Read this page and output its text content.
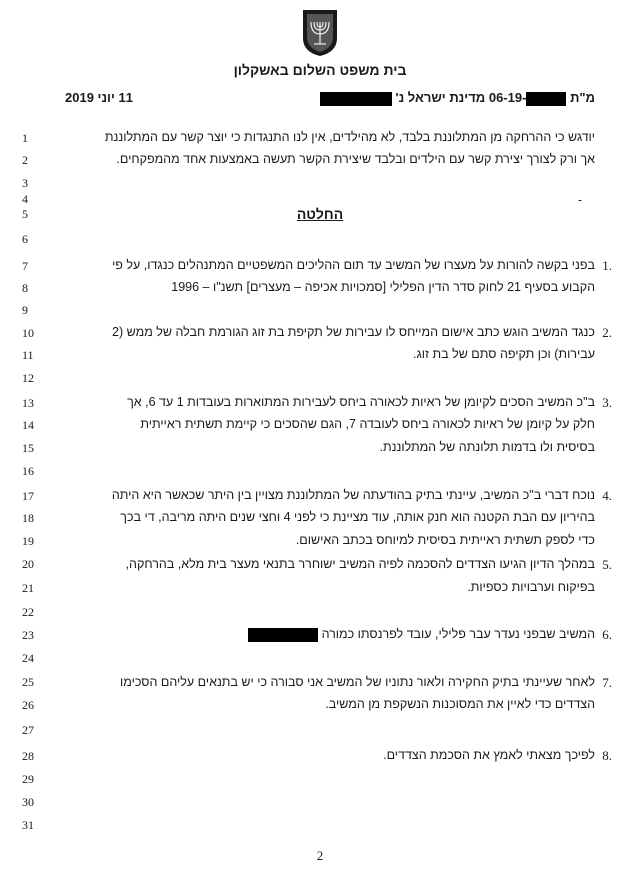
בית משפט השלום באשקלון
מ"ת -06-19 מדינת ישראל נ'
11 יוני 2019
1
2
3
4
5
6
7
8
9
10
11
12
13
14
15
16
17
18
19
20
21
22
23
24
25
26
27
28
29
30
31
יודגש כי ההרחקה מן המתלוננת בלבד, לא מהילדים, אין לנו התנגדות כי יוצר קשר עם המתלוננת
אך ורק לצורך יצירת קשר עם הילדים ובלבד שיצירת הקשר תעשה באמצעות אחד מהמפקחים.
-
החלטה
1.
בפני בקשה להורות על מעצרו של המשיב עד תום ההליכים המשפטיים המתנהלים כנגדו, על פי
הקבוע בסעיף 21 לחוק סדר הדין הפלילי [סמכויות אכיפה – מעצרים] תשנ"ו – 1996
2.
כנגד המשיב הוגש כתב אישום המייחס לו עבירות של תקיפת בת זוג הגורמת חבלה של ממש (2
עבירות) וכן תקיפה סתם של בת זוג.
3.
ב"כ המשיב הסכים לקיומן של ראיות לכאורה ביחס לעבירות המתוארות בעובדות 1 עד 6, אך
חלק על קיומן של ראיות לכאורה ביחס לעובדה 7, הגם שהסכים כי קיימת תשתית ראייתית
בסיסית ולו בדמות תלונתה של המתלוננת.
4.
נוכח דברי ב"כ המשיב, עיינתי בתיק בהודעתה של המתלוננת מצויין בין היתר שכאשר היא היתה
בהיריון עם הבת הקטנה הוא חנק אותה, עוד מציינת כי לפני 4 וחצי שנים היתה מריבה, די בכך
כדי לספק תשתית ראייתית בסיסית למיוחס בכתב האישום.
5.
במהלך הדיון הגיעו הצדדים להסכמה לפיה המשיב ישוחרר בתנאי מעצר בית מלא, בהרחקה,
בפיקוח וערבויות כספיות.
6.
המשיב שבפני נעדר עבר פלילי, עובד לפרנסתו כמורה
7.
לאחר שעיינתי בתיק החקירה ולאור נתוניו של המשיב אני סבורה כי יש בתנאים עליהם הסכימו
הצדדים כדי לאיין את המסוכנות הנשקפת מן המשיב.
8.
לפיכך מצאתי לאמץ את הסכמת הצדדים.
2
